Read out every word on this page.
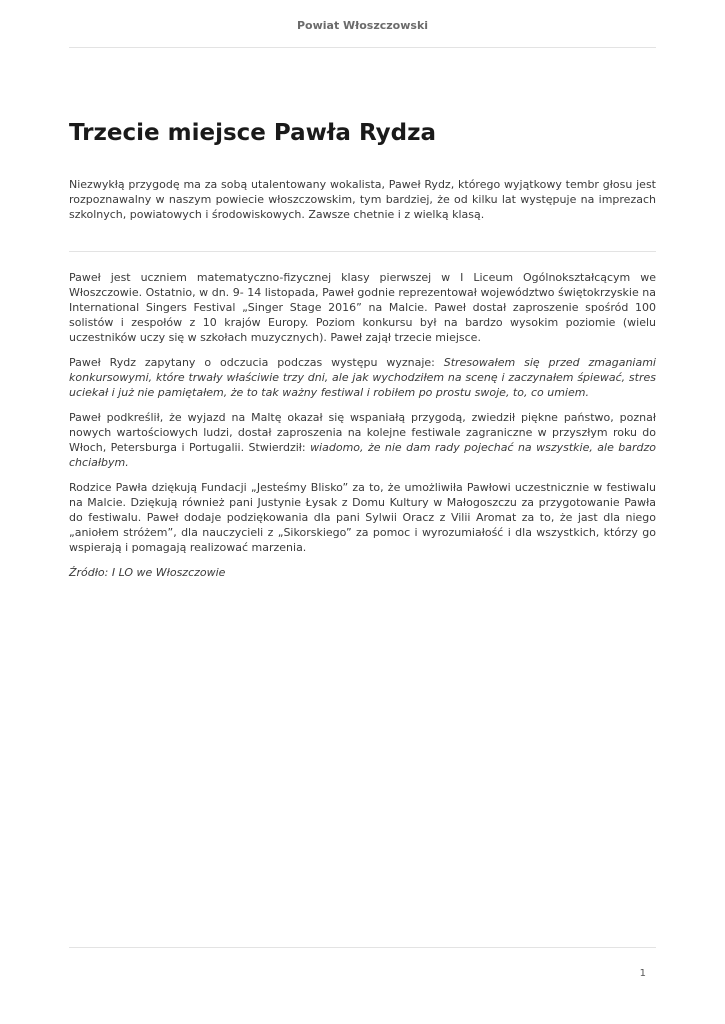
Powiat Włoszczowski
Trzecie miejsce Pawła Rydza

Niezwykłą przygodę ma za sobą utalentowany wokalista, Paweł Rydz, którego wyjątkowy tembr głosu jest rozpoznawalny w naszym powiecie włoszczowskim, tym bardziej, że od kilku lat występuje na imprezach szkolnych, powiatowych i środowiskowych. Zawsze chetnie i z wielką klasą.

Paweł jest uczniem matematyczno-fizycznej klasy pierwszej w I Liceum Ogólnokształcącym we Włoszczowie. Ostatnio, w dn. 9- 14 listopada, Paweł godnie reprezentował województwo świętokrzyskie na International Singers Festival „Singer Stage 2016” na Malcie. Paweł dostał zaproszenie spośród 100 solistów i zespołów z 10 krajów Europy. Poziom konkursu był na bardzo wysokim poziomie (wielu uczestników uczy się w szkołach muzycznych). Paweł zajął trzecie miejsce.

Paweł Rydz zapytany o odczucia podczas występu wyznaje: Stresowałem się przed zmaganiami konkursowymi, które trwały właściwie trzy dni, ale jak wychodziłem na scenę i zaczynałem śpiewać, stres uciekał i już nie pamiętałem, że to tak ważny festiwal i robiłem po prostu swoje, to, co umiem.

Paweł podkreślił, że wyjazd na Maltę okazał się wspaniałą przygodą, zwiedził piękne państwo, poznał nowych wartościowych ludzi, dostał zaproszenia na kolejne festiwale zagraniczne w przyszłym roku do Włoch, Petersburga i Portugalii. Stwierdził: wiadomo, że nie dam rady pojechać na wszystkie, ale bardzo chciałbym.

Rodzice Pawła dziękują Fundacji „Jesteśmy Blisko” za to, że umożliwiła Pawłowi uczestnicznie w festiwalu na Malcie. Dziękują również pani Justynie Łysak z Domu Kultury w Małogoszczu za przygotowanie Pawła do festiwalu. Paweł dodaje podziękowania dla pani Sylwii Oracz z Vilii Aromat za to, że jast dla niego „aniołem stróżem”, dla nauczycieli z „Sikorskiego” za pomoc i wyrozumiałość i dla wszystkich, którzy go wspierają i pomagają realizować marzenia.

Źródło: I LO we Włoszczowie
1
